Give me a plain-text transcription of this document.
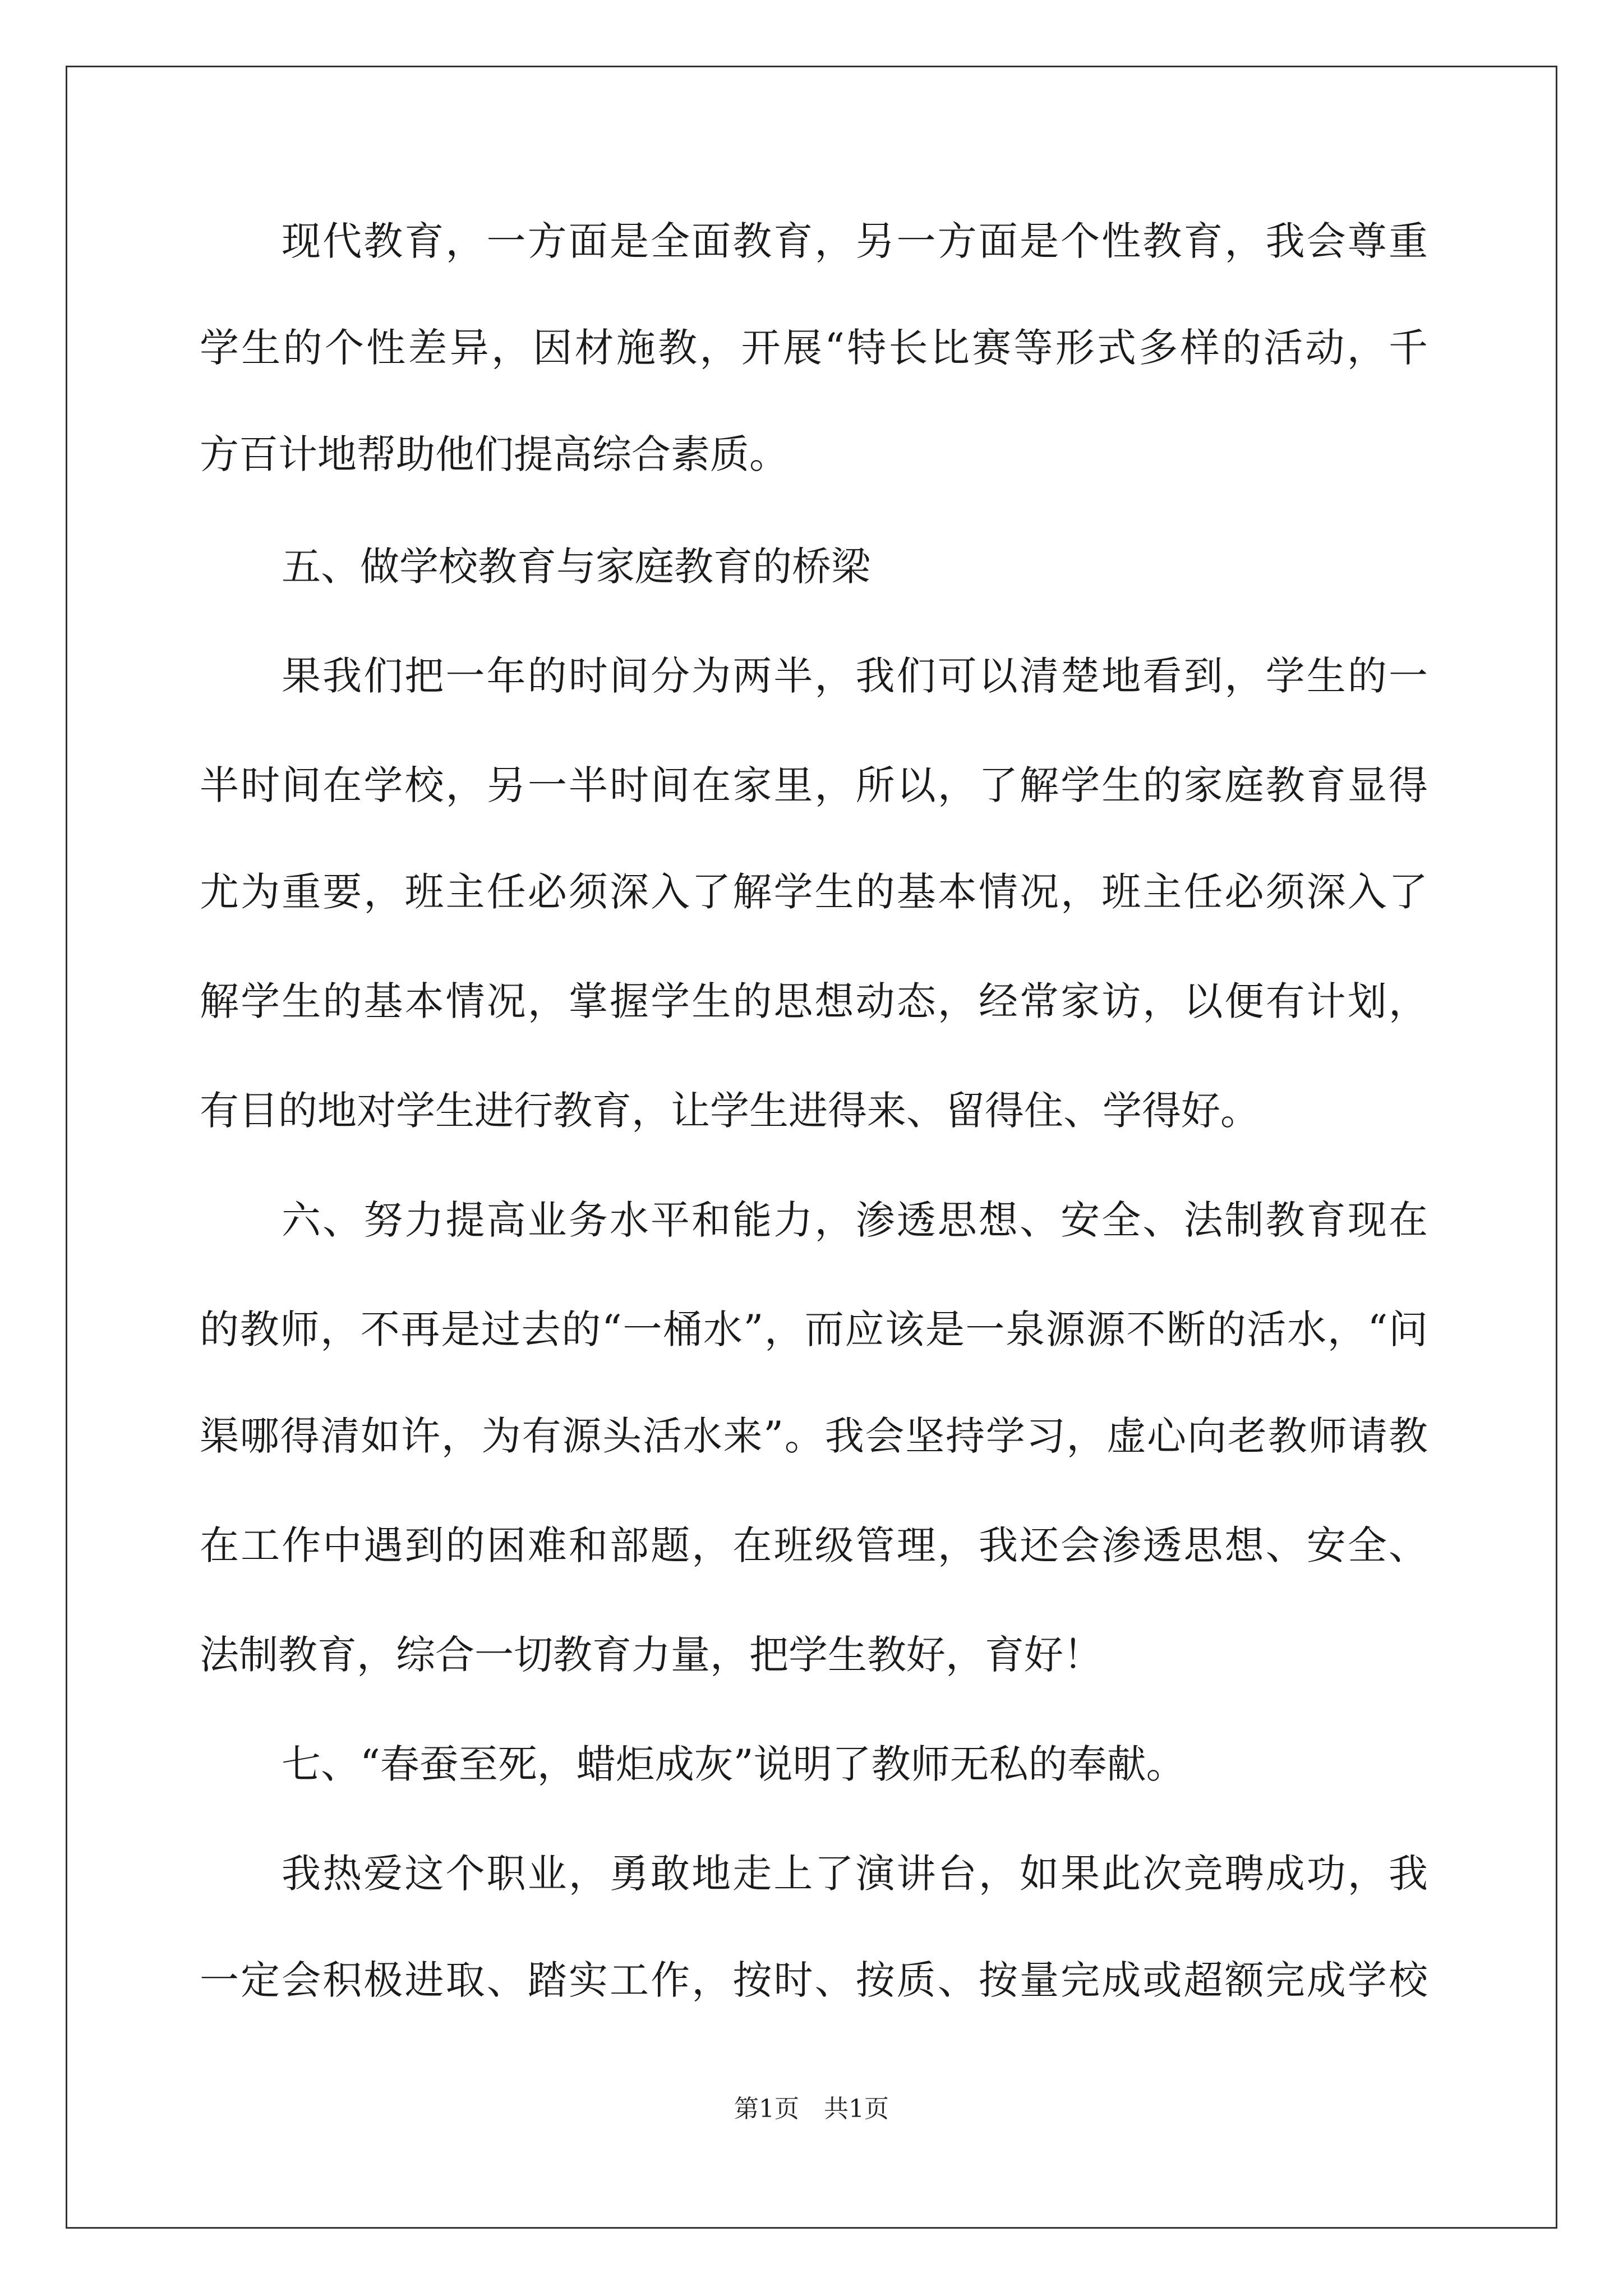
现代教育，一方面是全面教育，另一方面是个性教育，我会尊重
学生的个性差异，因材施教，开展“特长比赛等形式多样的活动，千
方百计地帮助他们提高综合素质。
五、做学校教育与家庭教育的桥梁
果我们把一年的时间分为两半，我们可以清楚地看到，学生的一
半时间在学校，另一半时间在家里，所以，了解学生的家庭教育显得
尤为重要，班主任必须深入了解学生的基本情况，班主任必须深入了
解学生的基本情况，掌握学生的思想动态，经常家访，以便有计划，
有目的地对学生进行教育，让学生进得来、留得住、学得好。
六、努力提高业务水平和能力，渗透思想、安全、法制教育现在
的教师，不再是过去的“一桶水”，而应该是一泉源源不断的活水，“问
渠哪得清如许，为有源头活水来”。我会坚持学习，虚心向老教师请教
在工作中遇到的困难和部题，在班级管理，我还会渗透思想、安全、
法制教育，综合一切教育力量，把学生教好，育好！
七、“春蚕至死，蜡炬成灰”说明了教师无私的奉献。
我热爱这个职业，勇敢地走上了演讲台，如果此次竞聘成功，我
一定会积极进取、踏实工作，按时、按质、按量完成或超额完成学校
第1页　共1页
